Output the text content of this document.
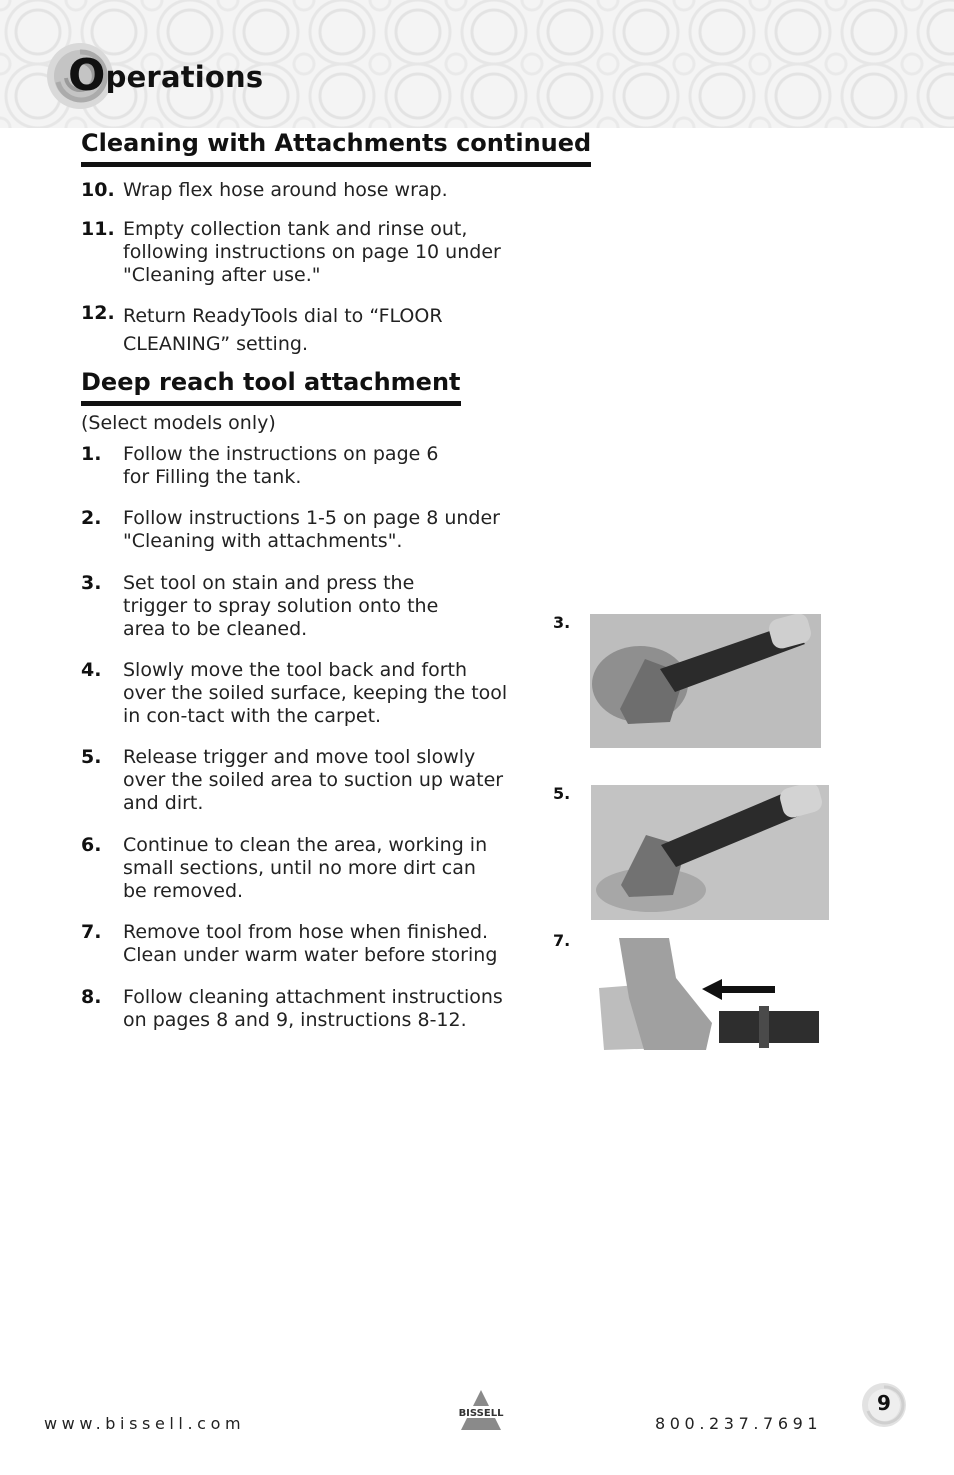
Operations
Cleaning with Attachments continued
10. Wrap flex hose around hose wrap.
11. Empty collection tank and rinse out, following instructions on page 10 under "Cleaning after use."
12. Return ReadyTools dial to “FLOOR CLEANING” setting.
Deep reach tool attachment
(Select models only)
1. Follow the instructions on page 6 for Filling the tank.
2. Follow instructions 1-5 on page 8 under "Cleaning with attachments".
3. Set tool on stain and press the trigger to spray solution onto the area to be cleaned.
4. Slowly move the tool back and forth over the soiled surface, keeping the tool in con-tact with the carpet.
5. Release trigger and move tool slowly over the soiled area to suction up water and dirt.
6. Continue to clean the area, working in small sections, until no more dirt can be removed.
7. Remove tool from hose when finished. Clean under warm water before storing
8. Follow cleaning attachment instructions on pages 8 and 9, instructions 8-12.
3.
5.
7.
www.bissell.com
BISSELL
800.237.7691
9
